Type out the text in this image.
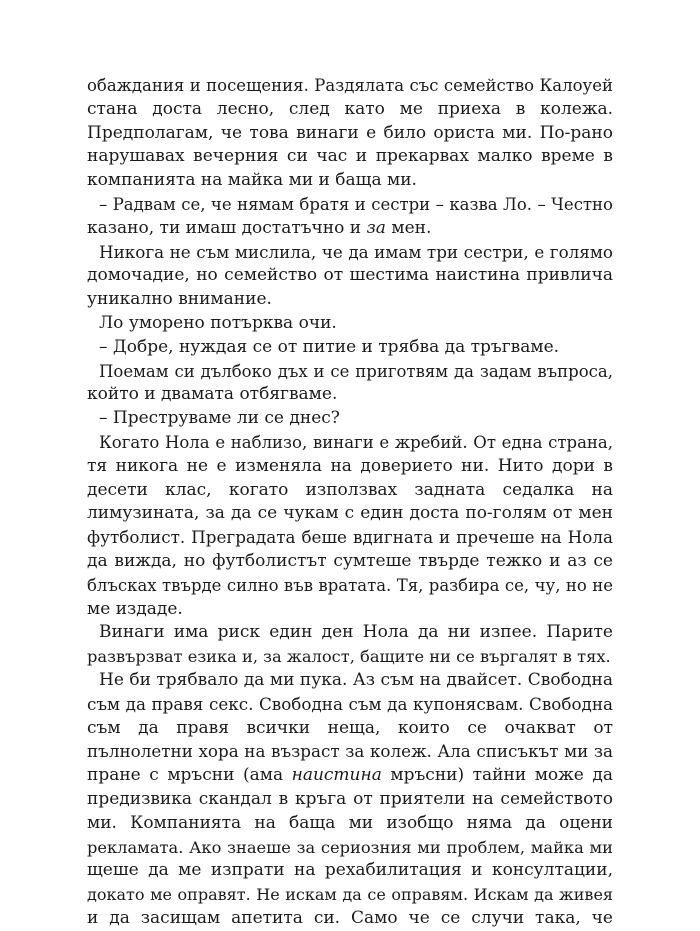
обаждания и посещения. Раздялата със семейство Калоуей
стана доста лесно, след като ме приеха в колежа.
Предполагам, че това винаги е било ориста ми. По-рано
нарушавах вечерния си час и прекарвах малко време в
компанията на майка ми и баща ми.
– Радвам се, че нямам братя и сестри – казва Ло. – Честно
казано, ти имаш достатъчно и за мен.
Никога не съм мислила, че да имам три сестри, е голямо
домочадие, но семейство от шестима наистина привлича
уникално внимание.
Ло уморено потърква очи.
– Добре, нуждая се от питие и трябва да тръгваме.
Поемам си дълбоко дъх и се приготвям да задам въпроса,
който и двамата отбягваме.
– Преструваме ли се днес?
Когато Нола е наблизо, винаги е жребий. От една страна,
тя никога не е изменяла на доверието ни. Нито дори в
десети клас, когато използвах задната седалка на
лимузината, за да се чукам с един доста по-голям от мен
футболист. Преградата беше вдигната и пречеше на Нола
да вижда, но футболистът сумтеше твърде тежко и аз се
блъсках твърде силно във вратата. Тя, разбира се, чу, но не
ме издаде.
Винаги има риск един ден Нола да ни изпее. Парите
развързват езика и, за жалост, бащите ни се въргалят в тях.
Не би трябвало да ми пука. Аз съм на двайсет. Свободна
съм да правя секс. Свободна съм да купонясвам. Свободна
съм да правя всички неща, които се очакват от
пълнолетни хора на възраст за колеж. Ала списъкът ми за
пране с мръсни (ама наистина мръсни) тайни може да
предизвика скандал в кръга от приятели на семейството
ми. Компанията на баща ми изобщо няма да оцени
рекламата. Ако знаеше за сериозния ми проблем, майка ми
щеше да ме изпрати на рехабилитация и консултации,
докато ме оправят. Не искам да се оправям. Искам да живея
и да засищам апетита си. Само че се случи така, че
